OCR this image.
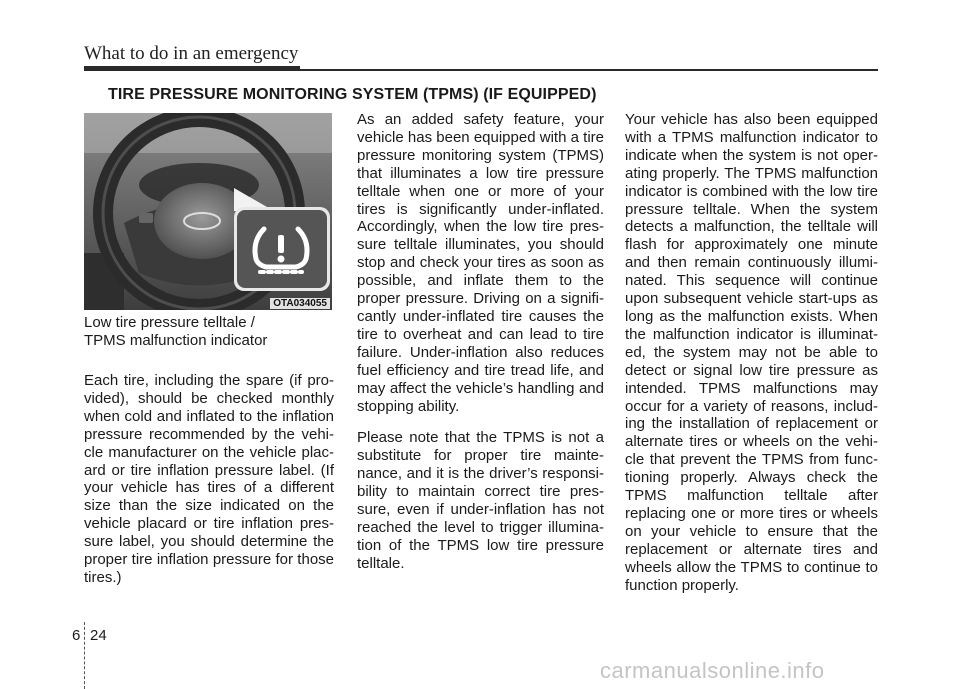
What to do in an emergency
TIRE PRESSURE MONITORING SYSTEM (TPMS) (IF EQUIPPED)
OTA034055
Low tire pressure telltale /
TPMS malfunction indicator

Each tire, including the spare (if pro- vided), should be checked monthly when cold and inflated to the inflation pressure recommended by the vehi- cle manufacturer on the vehicle plac- ard or tire inflation pressure label. (If your vehicle has tires of a different size than the size indicated on the vehicle placard or tire inflation pres- sure label, you should determine the proper tire inflation pressure for those tires.)

As an added safety feature, your vehicle has been equipped with a tire pressure monitoring system (TPMS) that illuminates a low tire pressure telltale when one or more of your tires is significantly under-inflated. Accordingly, when the low tire pres- sure telltale illuminates, you should stop and check your tires as soon as possible, and inflate them to the proper pressure. Driving on a signifi- cantly under-inflated tire causes the tire to overheat and can lead to tire failure. Under-inflation also reduces fuel efficiency and tire tread life, and may affect the vehicle’s handling and stopping ability.

Please note that the TPMS is not a substitute for proper tire mainte- nance, and it is the driver’s responsi- bility to maintain correct tire pres- sure, even if under-inflation has not reached the level to trigger illumina- tion of the TPMS low tire pressure telltale.

Your vehicle has also been equipped with a TPMS malfunction indicator to indicate when the system is not oper- ating properly. The TPMS malfunction indicator is combined with the low tire pressure telltale. When the system detects a malfunction, the telltale will flash for approximately one minute and then remain continuously illumi- nated. This sequence will continue upon subsequent vehicle start-ups as long as the malfunction exists. When the malfunction indicator is illuminat- ed, the system may not be able to detect or signal low tire pressure as intended. TPMS malfunctions may occur for a variety of reasons, includ- ing the installation of replacement or alternate tires or wheels on the vehi- cle that prevent the TPMS from func- tioning properly. Always check the TPMS malfunction telltale after replacing one or more tires or wheels on your vehicle to ensure that the replacement or alternate tires and wheels allow the TPMS to continue to function properly.

6 24
carmanualsonline.info
